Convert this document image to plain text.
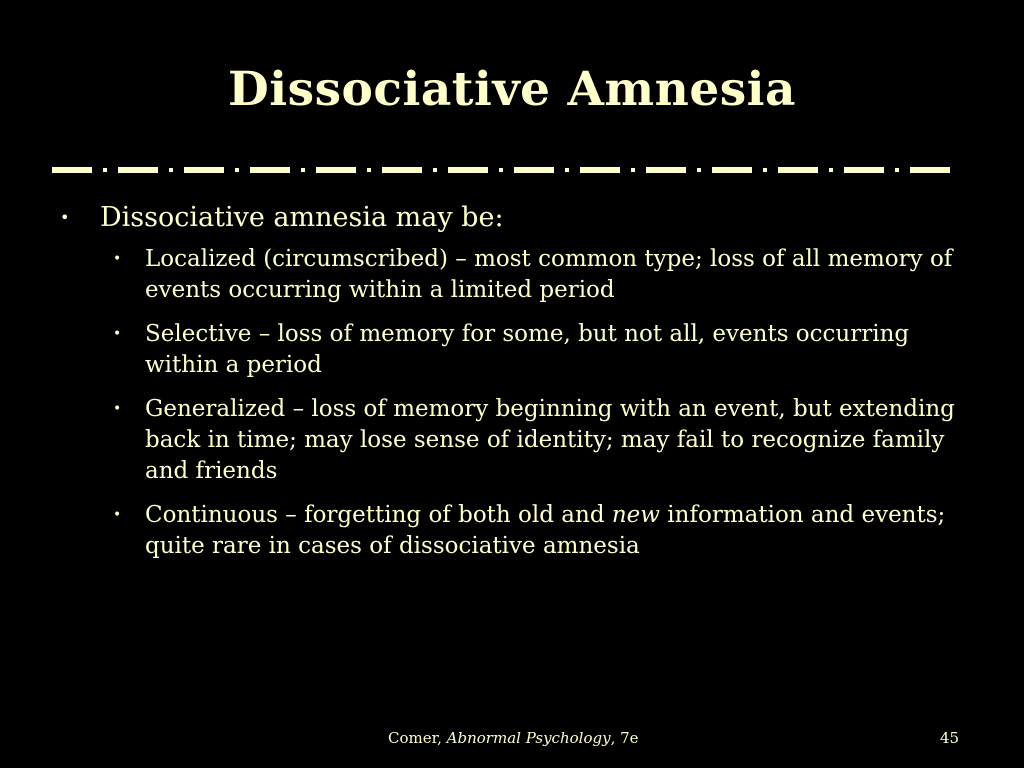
Dissociative Amnesia
• Dissociative amnesia may be:
• Localized (circumscribed) – most common type; loss of all memory of events occurring within a limited period
• Selective – loss of memory for some, but not all, events occurring within a period
• Generalized – loss of memory beginning with an event, but extending back in time; may lose sense of identity; may fail to recognize family and friends
• Continuous – forgetting of both old and new information and events; quite rare in cases of dissociative amnesia
Comer, Abnormal Psychology, 7e	45
